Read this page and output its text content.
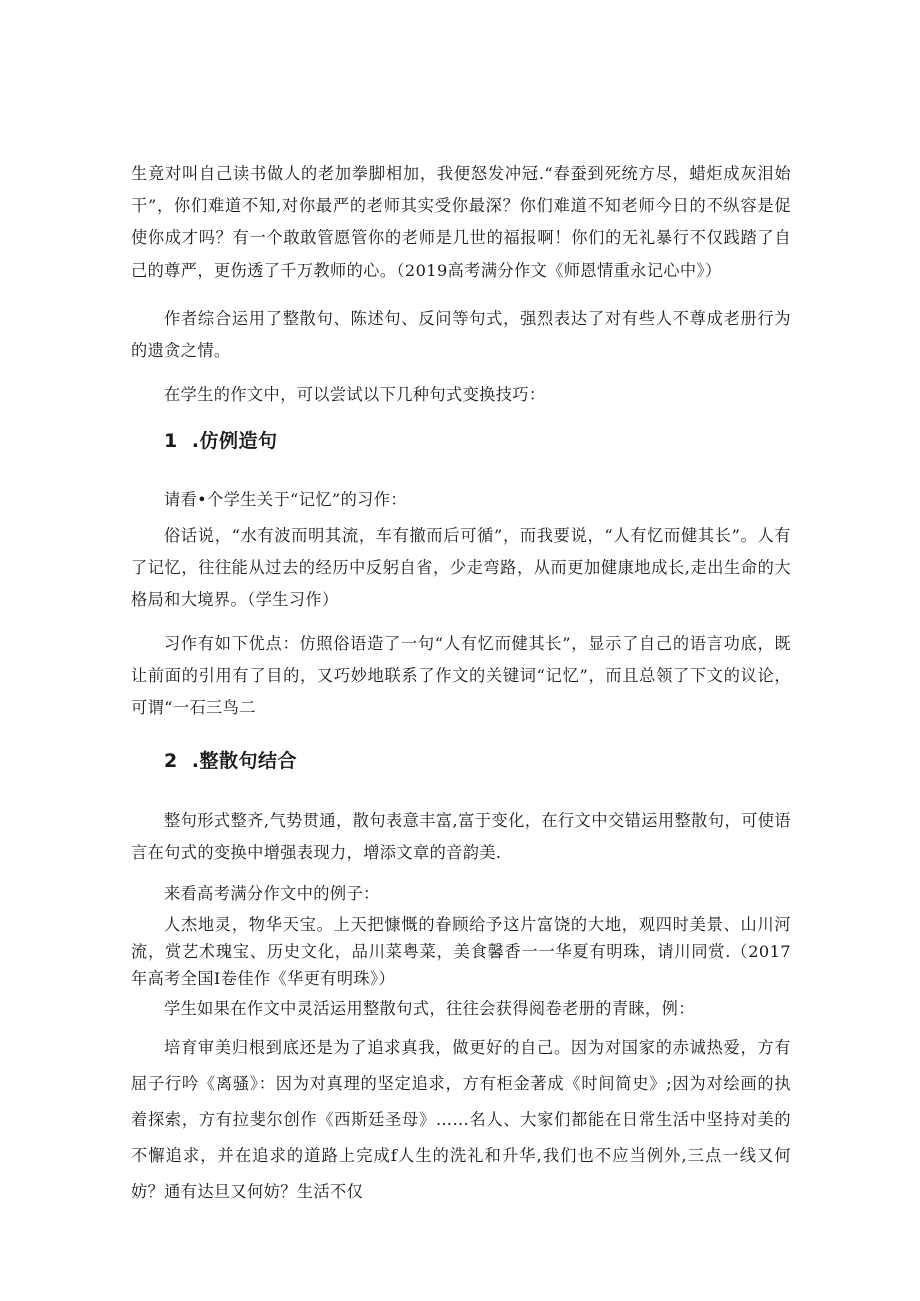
生竟对叫自己读书做人的老加拳脚相加，我便怒发冲冠.“春蚕到死统方尽，蜡炬成灰泪始干”，你们难道不知,对你最严的老师其实受你最深？你们难道不知老师今日的不纵容是促使你成才吗？有一个敢敢管愿管你的老师是几世的福报啊！你们的无礼暴行不仅践踏了自己的尊严，更伤透了千万教师的心。（2019高考满分作文《师恩情重永记心中》）

作者综合运用了整散句、陈述句、反问等句式，强烈表达了对有些人不尊成老册行为的遗贪之情。

在学生的作文中，可以尝试以下几种句式变换技巧：

1 .仿例造句

请看•个学生关于“记忆”的习作：

俗话说，“水有波而明其流，车有撤而后可循”，而我要说，“人有忆而健其长”。人有了记忆，往往能从过去的经历中反躬自省，少走弯路，从而更加健康地成长,走出生命的大格局和大境界。（学生习作）

习作有如下优点：仿照俗语造了一句“人有忆而健其长”，显示了自己的语言功底，既让前面的引用有了目的，又巧妙地联系了作文的关键词“记忆”，而且总领了下文的议论，可谓“一石三鸟二

2 .整散句结合

整句形式整齐,气势贯通，散句表意丰富,富于变化，在行文中交错运用整散句，可使语言在句式的变换中增强表现力，增添文章的音韵美.

来看高考满分作文中的例子：

人杰地灵，物华天宝。上天把慷慨的眷顾给予这片富饶的大地，观四时美景、山川河流，赏艺术瑰宝、历史文化，品川菜粤菜，美食馨香一一华夏有明珠，请川同赏.（2017年高考全国Ⅰ卷佳作《华更有明珠》）

学生如果在作文中灵活运用整散句式，往往会获得阅卷老册的青睐，例：

培育审美归根到底还是为了追求真我，做更好的自己。因为对国家的赤诚热爱，方有屈子行吟《离骚》：因为对真理的坚定追求，方有柜金著成《时间简史》;因为对绘画的执着探索，方有拉斐尔创作《西斯廷圣母》……名人、大家们都能在日常生活中坚持对美的不懈追求，并在追求的道路上完成f人生的洗礼和升华,我们也不应当例外,三点一线又何妨？通有达旦又何妨？生活不仅
